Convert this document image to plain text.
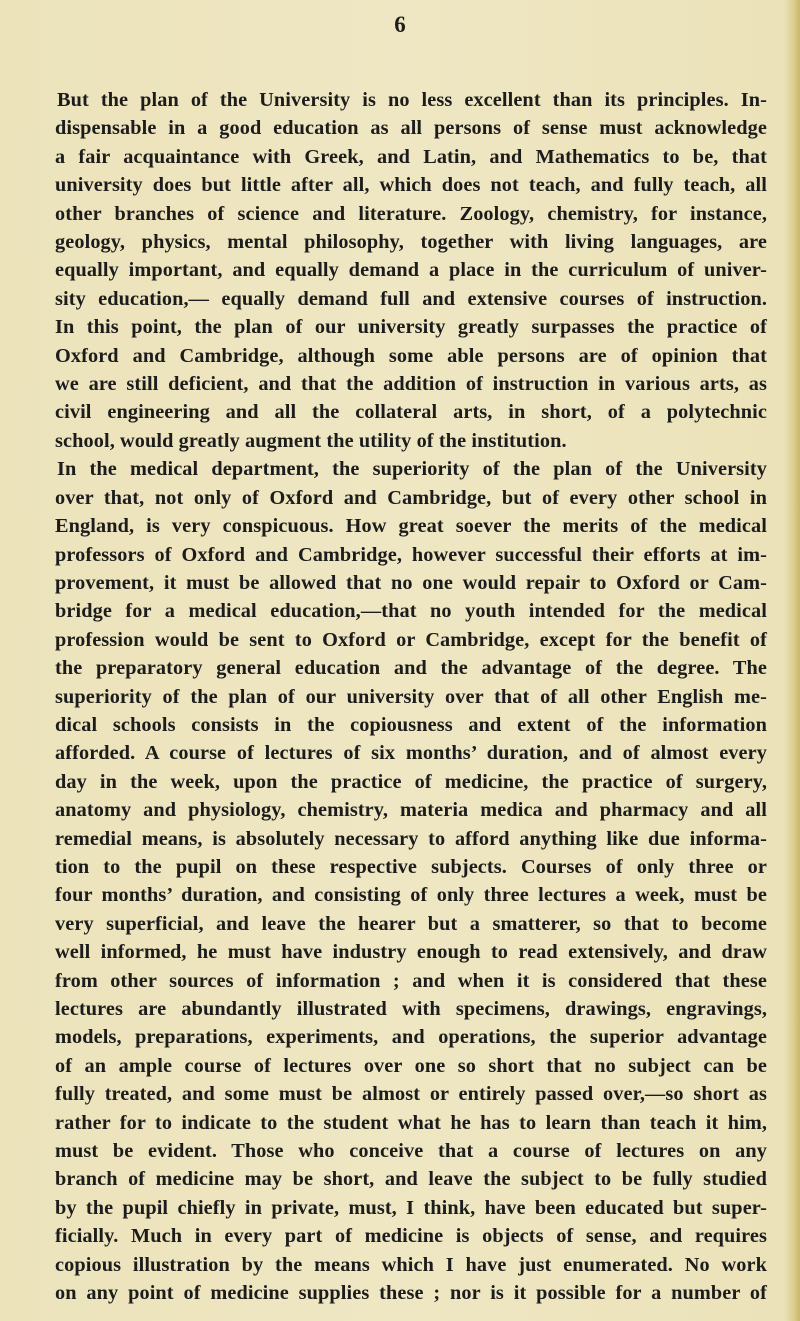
6
But the plan of the University is no less excellent than its principles. In-
dispensable in a good education as all persons of sense must acknowledge
a fair acquaintance with Greek, and Latin, and Mathematics to be, that
university does but little after all, which does not teach, and fully teach, all
other branches of science and literature. Zoology, chemistry, for instance,
geology, physics, mental philosophy, together with living languages, are
equally important, and equally demand a place in the curriculum of univer-
sity education,— equally demand full and extensive courses of instruction.
In this point, the plan of our university greatly surpasses the practice of
Oxford and Cambridge, although some able persons are of opinion that
we are still deficient, and that the addition of instruction in various arts, as
civil engineering and all the collateral arts, in short, of a polytechnic
school, would greatly augment the utility of the institution.
In the medical department, the superiority of the plan of the University
over that, not only of Oxford and Cambridge, but of every other school in
England, is very conspicuous. How great soever the merits of the medical
professors of Oxford and Cambridge, however successful their efforts at im-
provement, it must be allowed that no one would repair to Oxford or Cam-
bridge for a medical education,—that no youth intended for the medical
profession would be sent to Oxford or Cambridge, except for the benefit of
the preparatory general education and the advantage of the degree. The
superiority of the plan of our university over that of all other English me-
dical schools consists in the copiousness and extent of the information
afforded. A course of lectures of six months’ duration, and of almost every
day in the week, upon the practice of medicine, the practice of surgery,
anatomy and physiology, chemistry, materia medica and pharmacy and all
remedial means, is absolutely necessary to afford anything like due informa-
tion to the pupil on these respective subjects. Courses of only three or
four months’ duration, and consisting of only three lectures a week, must be
very superficial, and leave the hearer but a smatterer, so that to become
well informed, he must have industry enough to read extensively, and draw
from other sources of information ; and when it is considered that these
lectures are abundantly illustrated with specimens, drawings, engravings,
models, preparations, experiments, and operations, the superior advantage
of an ample course of lectures over one so short that no subject can be
fully treated, and some must be almost or entirely passed over,—so short as
rather for to indicate to the student what he has to learn than teach it him,
must be evident. Those who conceive that a course of lectures on any
branch of medicine may be short, and leave the subject to be fully studied
by the pupil chiefly in private, must, I think, have been educated but super-
ficially. Much in every part of medicine is objects of sense, and requires
copious illustration by the means which I have just enumerated. No work
on any point of medicine supplies these ; nor is it possible for a number of
